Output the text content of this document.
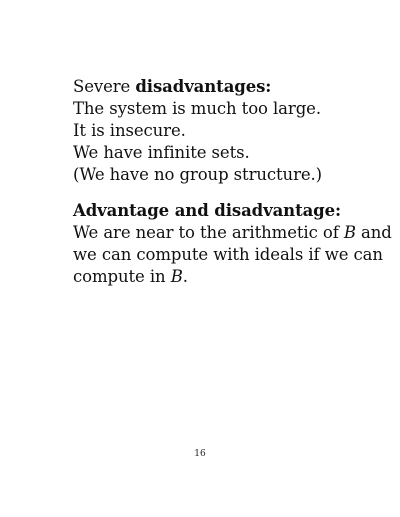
Severe disadvantages:
The system is much too large.
It is insecure.
We have infinite sets.
(We have no group structure.)
Advantage and disadvantage:
We are near to the arithmetic of B and
we can compute with ideals if we can
compute in B.
16
